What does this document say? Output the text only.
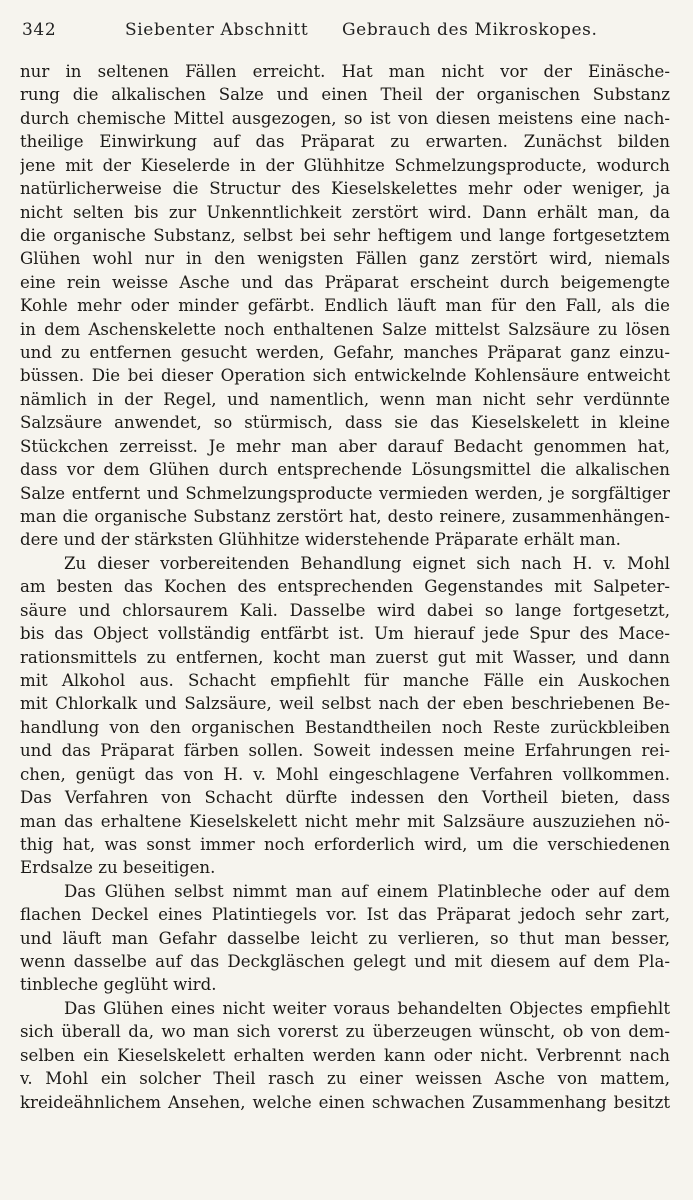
342	Siebenter Abschnitt Gebrauch des Mikroskopes.
nur in seltenen Fällen erreicht. Hat man nicht vor der Einäsche-
rung die alkalischen Salze und einen Theil der organischen Substanz
durch chemische Mittel ausgezogen, so ist von diesen meistens eine nach-
theilige Einwirkung auf das Präparat zu erwarten. Zunächst bilden
jene mit der Kieselerde in der Glühhitze Schmelzungsproducte, wodurch
natürlicherweise die Structur des Kieselskelettes mehr oder weniger, ja
nicht selten bis zur Unkenntlichkeit zerstört wird. Dann erhält man, da
die organische Substanz, selbst bei sehr heftigem und lange fortgesetztem
Glühen wohl nur in den wenigsten Fällen ganz zerstört wird, niemals
eine rein weisse Asche und das Präparat erscheint durch beigemengte
Kohle mehr oder minder gefärbt. Endlich läuft man für den Fall, als die
in dem Aschenskelette noch enthaltenen Salze mittelst Salzsäure zu lösen
und zu entfernen gesucht werden, Gefahr, manches Präparat ganz einzu-
büssen. Die bei dieser Operation sich entwickelnde Kohlensäure entweicht
nämlich in der Regel, und namentlich, wenn man nicht sehr verdünnte
Salzsäure anwendet, so stürmisch, dass sie das Kieselskelett in kleine
Stückchen zerreisst. Je mehr man aber darauf Bedacht genommen hat,
dass vor dem Glühen durch entsprechende Lösungsmittel die alkalischen
Salze entfernt und Schmelzungsproducte vermieden werden, je sorgfältiger
man die organische Substanz zerstört hat, desto reinere, zusammenhängen-
dere und der stärksten Glühhitze widerstehende Präparate erhält man.
Zu dieser vorbereitenden Behandlung eignet sich nach H. v. Mohl
am besten das Kochen des entsprechenden Gegenstandes mit Salpeter-
säure und chlorsaurem Kali. Dasselbe wird dabei so lange fortgesetzt,
bis das Object vollständig entfärbt ist. Um hierauf jede Spur des Mace-
rationsmittels zu entfernen, kocht man zuerst gut mit Wasser, und dann
mit Alkohol aus. Schacht empfiehlt für manche Fälle ein Auskochen
mit Chlorkalk und Salzsäure, weil selbst nach der eben beschriebenen Be-
handlung von den organischen Bestandtheilen noch Reste zurückbleiben
und das Präparat färben sollen. Soweit indessen meine Erfahrungen rei-
chen, genügt das von H. v. Mohl eingeschlagene Verfahren vollkommen.
Das Verfahren von Schacht dürfte indessen den Vortheil bieten, dass
man das erhaltene Kieselskelett nicht mehr mit Salzsäure auszuziehen nö-
thig hat, was sonst immer noch erforderlich wird, um die verschiedenen
Erdsalze zu beseitigen.
Das Glühen selbst nimmt man auf einem Platinbleche oder auf dem
flachen Deckel eines Platintiegels vor. Ist das Präparat jedoch sehr zart,
und läuft man Gefahr dasselbe leicht zu verlieren, so thut man besser,
wenn dasselbe auf das Deckgläschen gelegt und mit diesem auf dem Pla-
tinbleche geglüht wird.
Das Glühen eines nicht weiter voraus behandelten Objectes empfiehlt
sich überall da, wo man sich vorerst zu überzeugen wünscht, ob von dem-
selben ein Kieselskelett erhalten werden kann oder nicht. Verbrennt nach
v. Mohl ein solcher Theil rasch zu einer weissen Asche von mattem,
kreideähnlichem Ansehen, welche einen schwachen Zusammenhang besitzt
